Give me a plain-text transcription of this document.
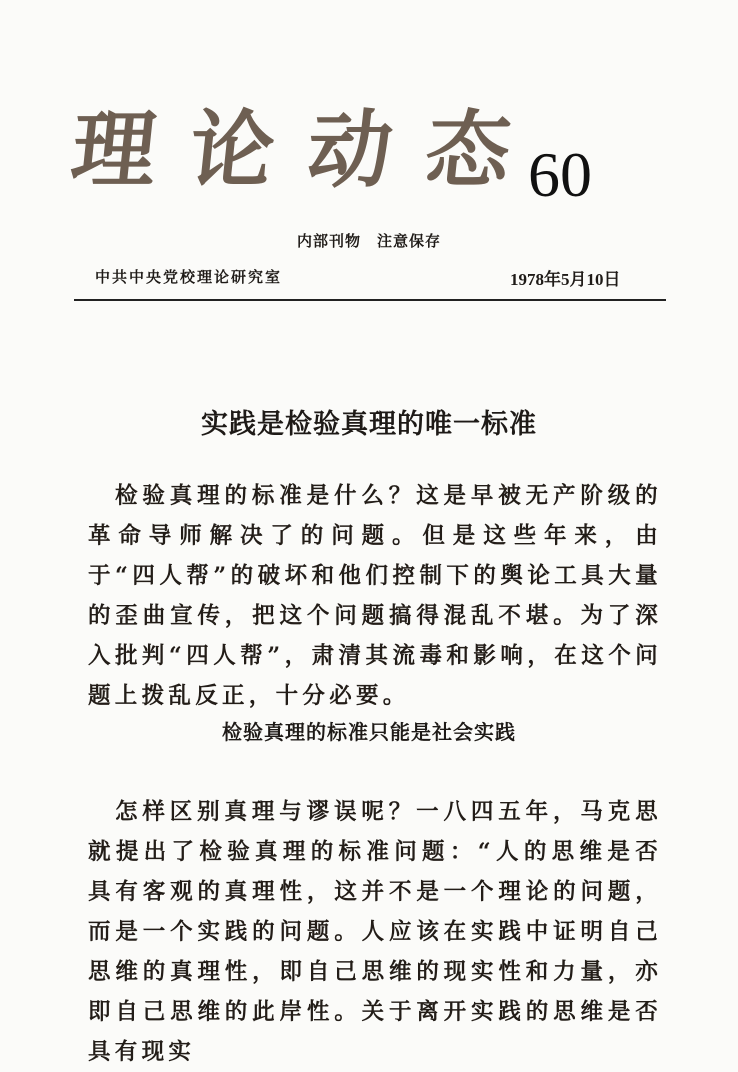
理论动态
60
内部刊物　注意保存
中共中央党校理论研究室	1978年5月10日
实践是检验真理的唯一标准
检验真理的标准是什么？这是早被无产阶级的革命导师解决了的问题。但是这些年来，由于“四人帮”的破坏和他们控制下的舆论工具大量的歪曲宣传，把这个问题搞得混乱不堪。为了深入批判“四人帮”，肃清其流毒和影响，在这个问题上拨乱反正，十分必要。
检验真理的标准只能是社会实践
怎样区别真理与谬误呢？一八四五年，马克思就提出了检验真理的标准问题：“人的思维是否具有客观的真理性，这并不是一个理论的问题，而是一个实践的问题。人应该在实践中证明自己思维的真理性，即自己思维的现实性和力量，亦即自己思维的此岸性。关于离开实践的思维是否具有现实
